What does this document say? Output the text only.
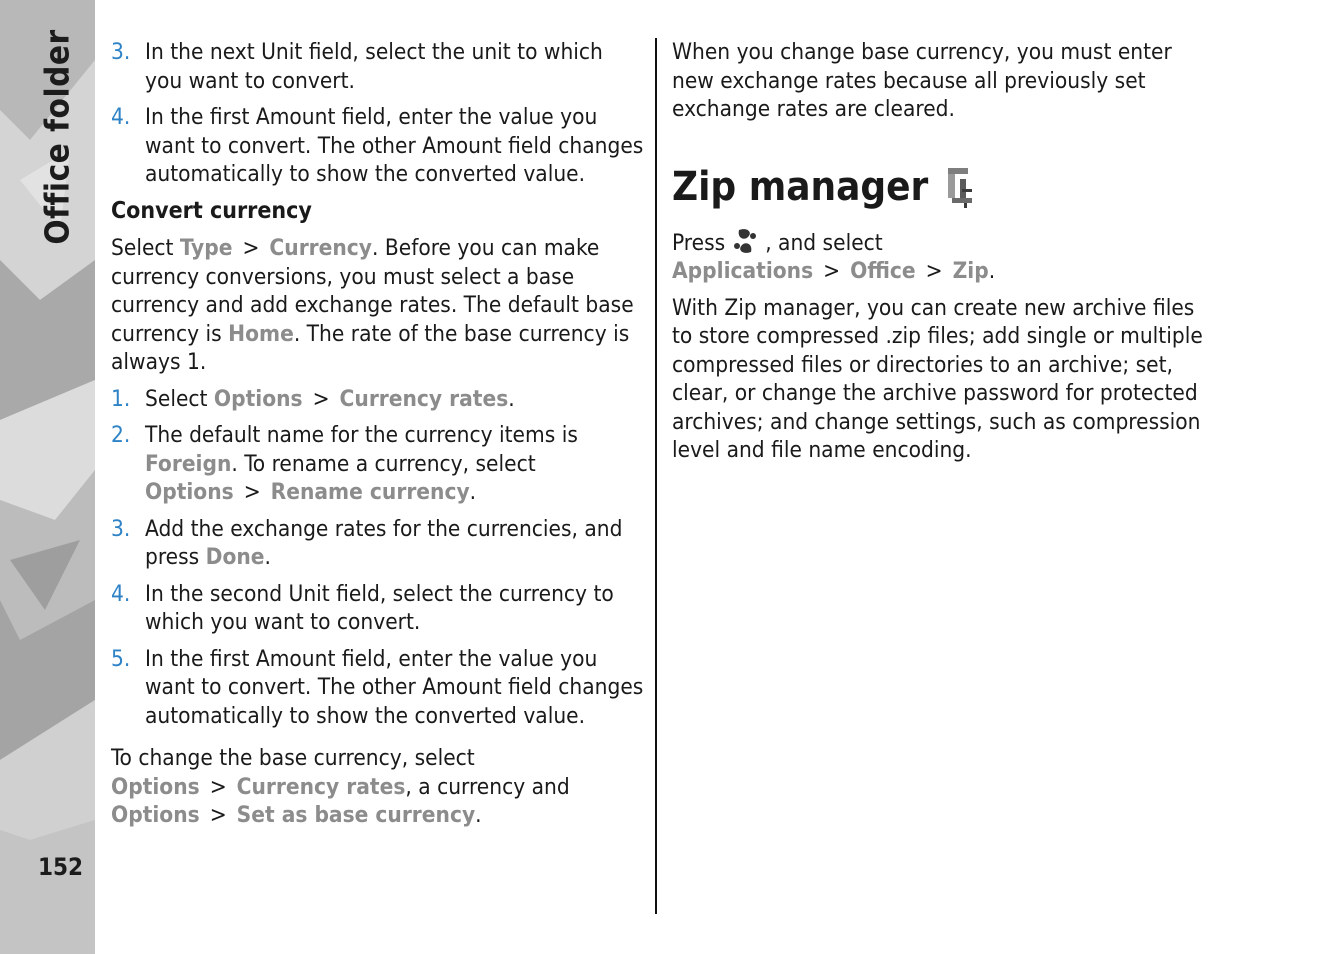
Office folder
152
3. In the next Unit field, select the unit to which you want to convert.
4. In the first Amount field, enter the value you want to convert. The other Amount field changes automatically to show the converted value.
Convert currency
Select Type > Currency. Before you can make currency conversions, you must select a base currency and add exchange rates. The default base currency is Home. The rate of the base currency is always 1.
1. Select Options > Currency rates.
2. The default name for the currency items is Foreign. To rename a currency, select Options > Rename currency.
3. Add the exchange rates for the currencies, and press Done.
4. In the second Unit field, select the currency to which you want to convert.
5. In the first Amount field, enter the value you want to convert. The other Amount field changes automatically to show the converted value.
To change the base currency, select Options > Currency rates, a currency and Options > Set as base currency.
When you change base currency, you must enter new exchange rates because all previously set exchange rates are cleared.
Zip manager
Press , and select Applications > Office > Zip.
With Zip manager, you can create new archive files to store compressed .zip files; add single or multiple compressed files or directories to an archive; set, clear, or change the archive password for protected archives; and change settings, such as compression level and file name encoding.
